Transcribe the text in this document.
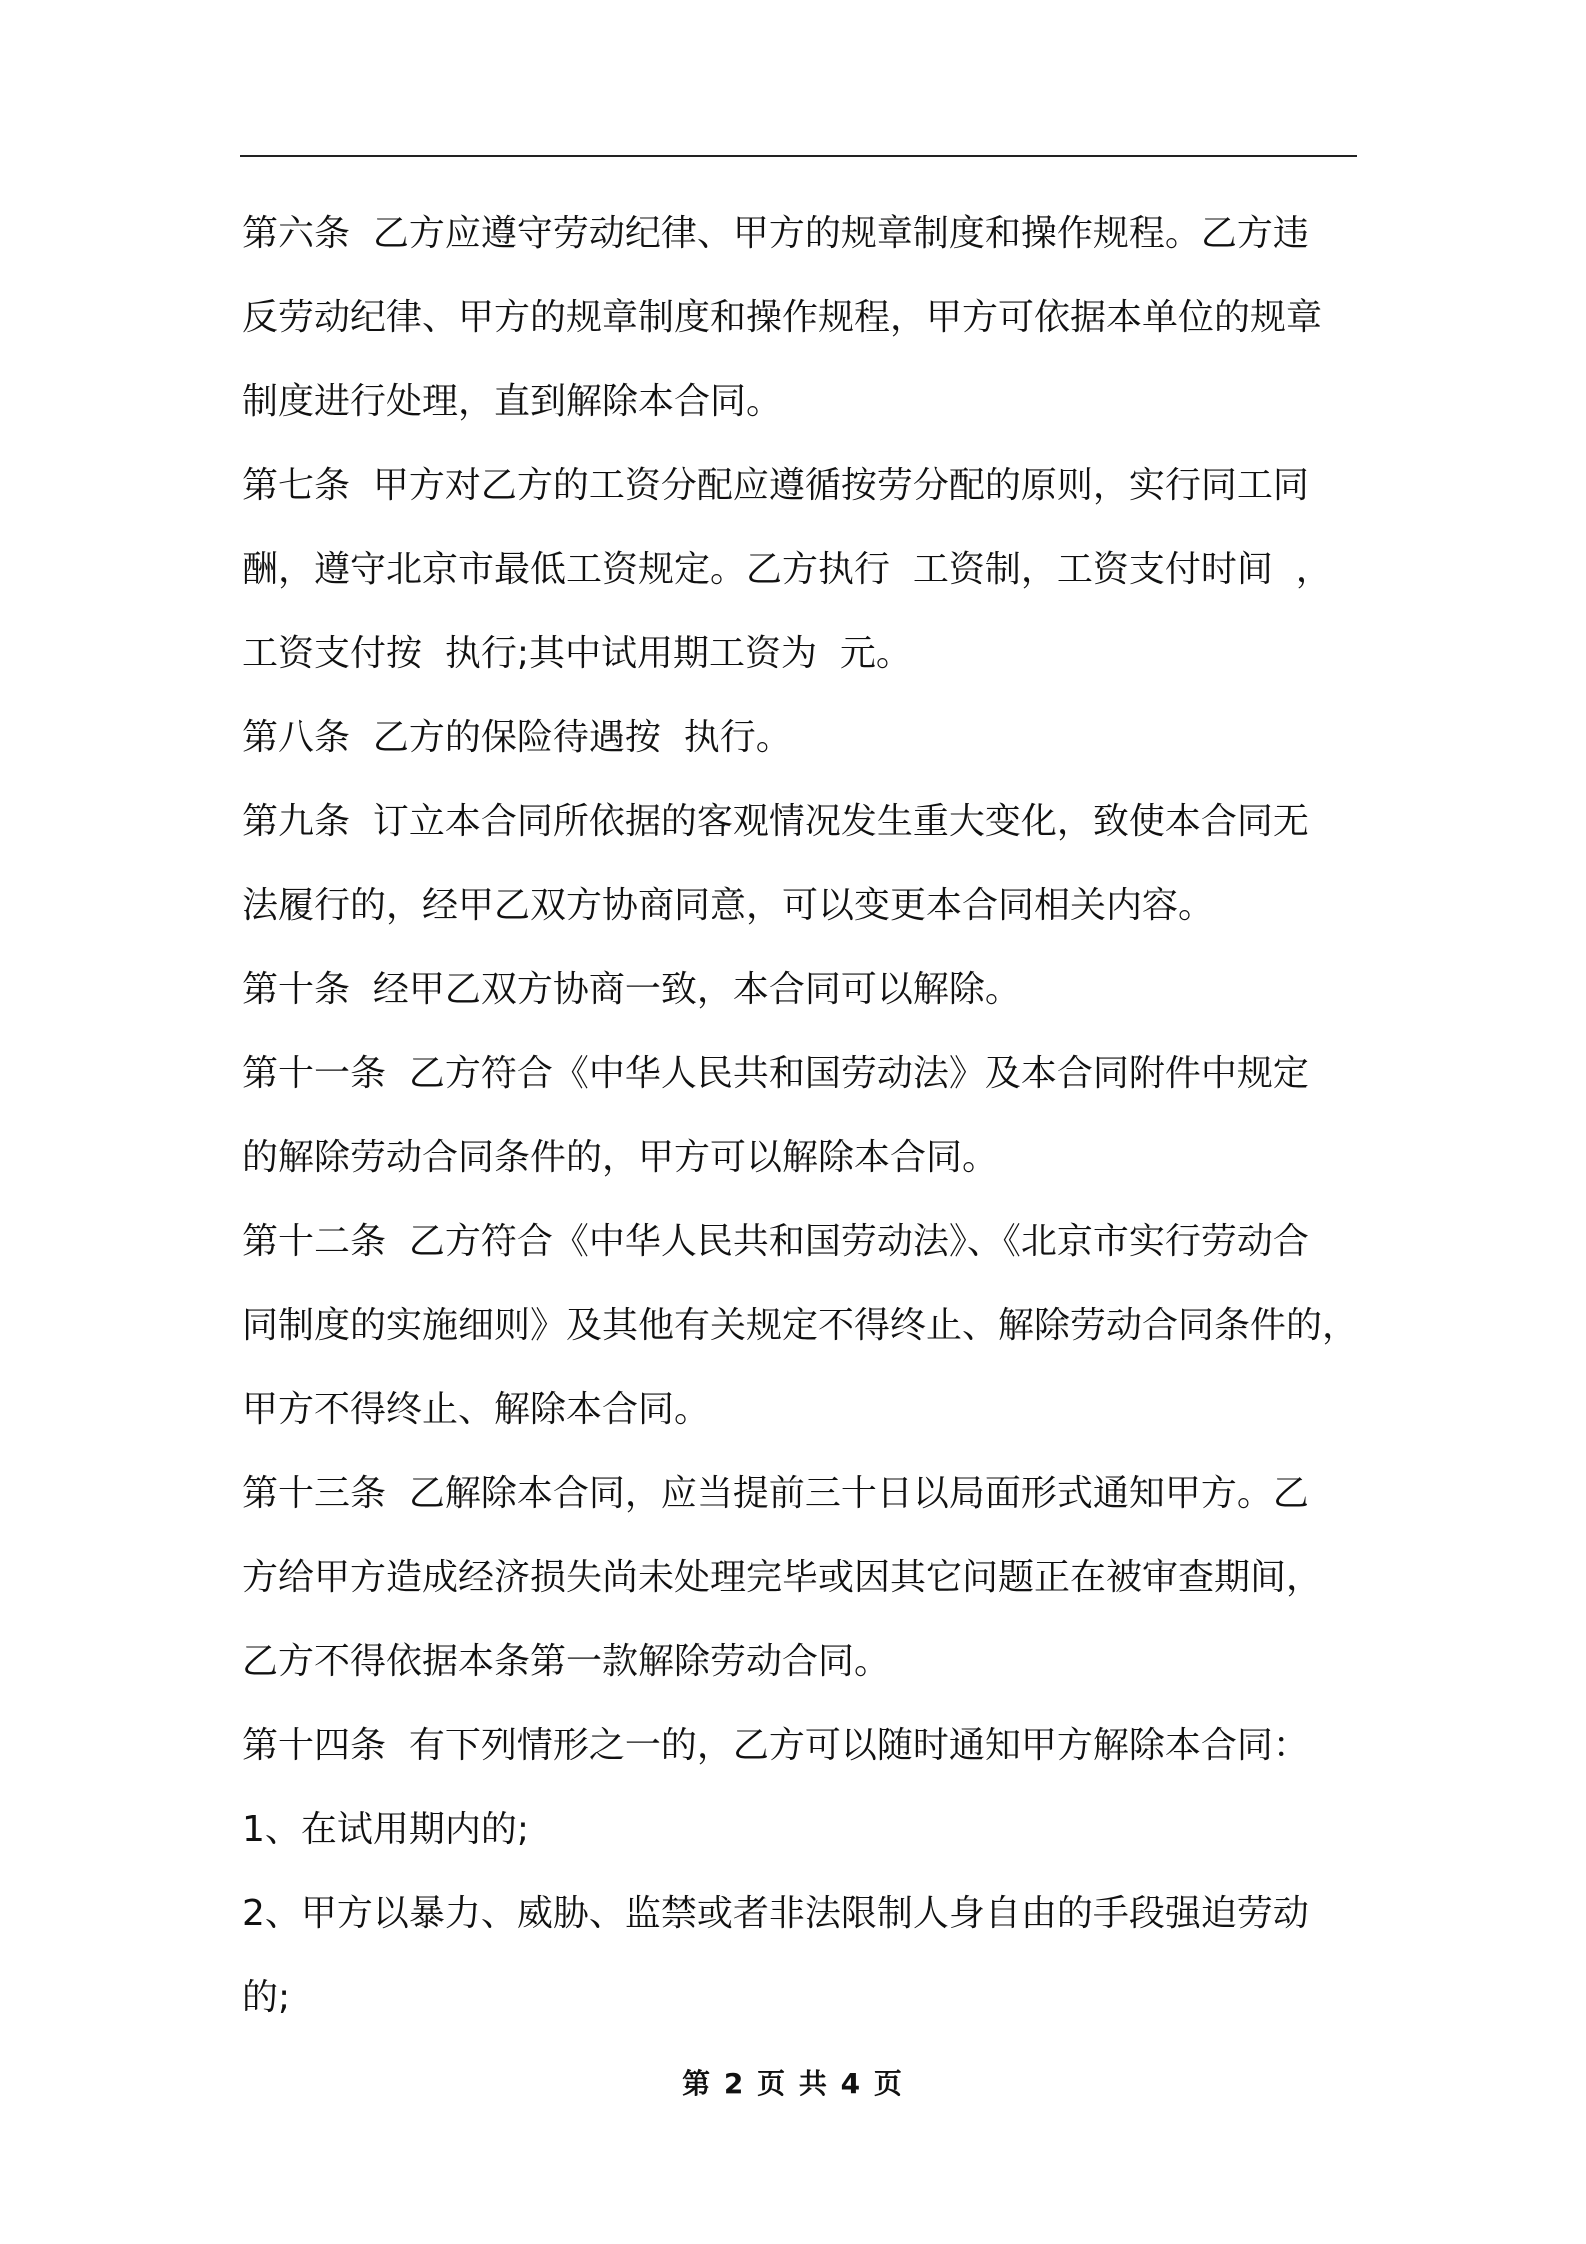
第六条  乙方应遵守劳动纪律、甲方的规章制度和操作规程。乙方违
反劳动纪律、甲方的规章制度和操作规程，甲方可依据本单位的规章
制度进行处理，直到解除本合同。
第七条  甲方对乙方的工资分配应遵循按劳分配的原则，实行同工同
酬，遵守北京市最低工资规定。乙方执行  工资制，工资支付时间  ，
工资支付按  执行;其中试用期工资为  元。
第八条  乙方的保险待遇按  执行。
第九条  订立本合同所依据的客观情况发生重大变化，致使本合同无
法履行的，经甲乙双方协商同意，可以变更本合同相关内容。
第十条  经甲乙双方协商一致，本合同可以解除。
第十一条  乙方符合《中华人民共和国劳动法》及本合同附件中规定
的解除劳动合同条件的，甲方可以解除本合同。
第十二条  乙方符合《中华人民共和国劳动法》、《北京市实行劳动合
同制度的实施细则》及其他有关规定不得终止、解除劳动合同条件的，
甲方不得终止、解除本合同。
第十三条  乙解除本合同，应当提前三十日以局面形式通知甲方。乙
方给甲方造成经济损失尚未处理完毕或因其它问题正在被审查期间，
乙方不得依据本条第一款解除劳动合同。
第十四条  有下列情形之一的，乙方可以随时通知甲方解除本合同：
1、在试用期内的;
2、甲方以暴力、威胁、监禁或者非法限制人身自由的手段强迫劳动
的;
第 2 页 共 4 页
